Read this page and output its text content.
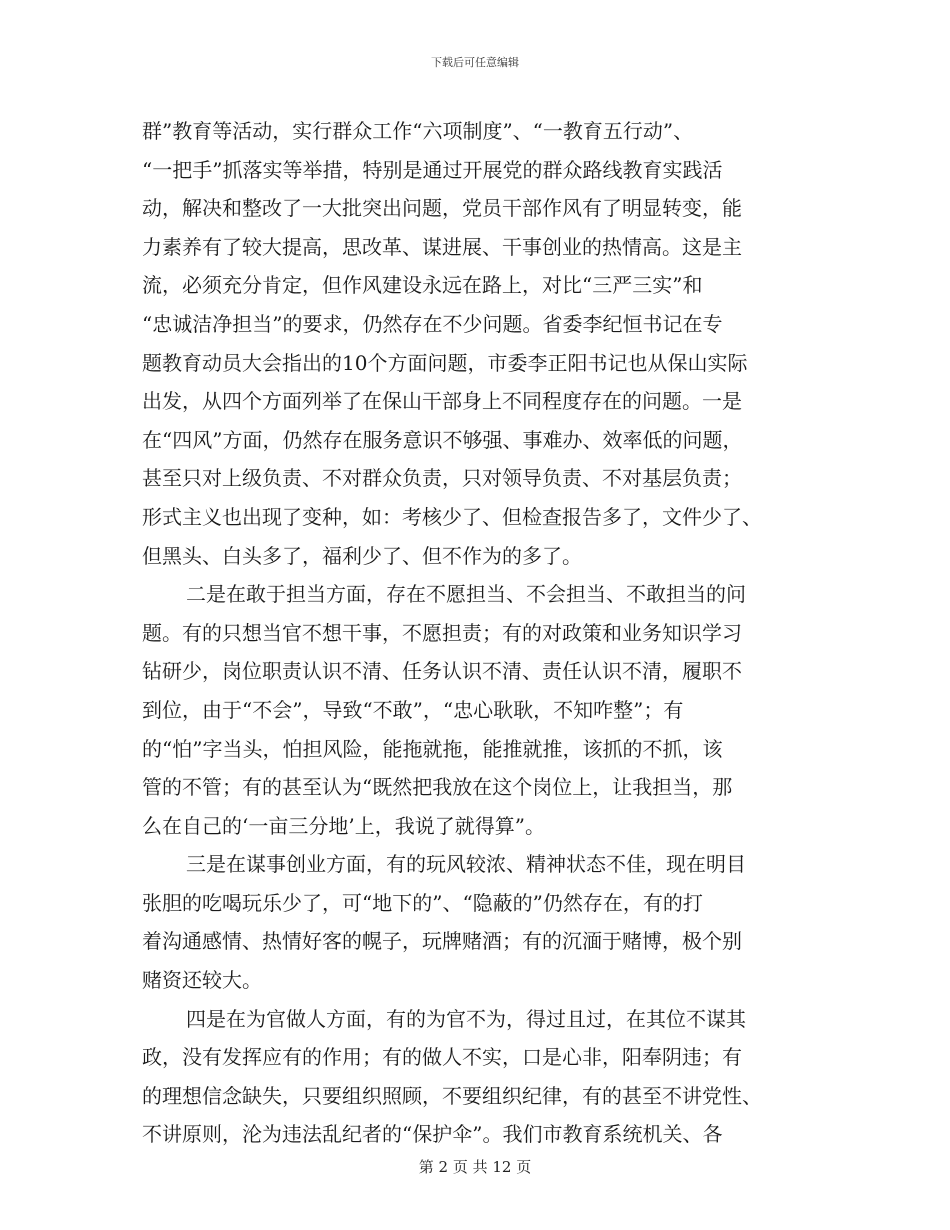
下载后可任意编辑
群”教育等活动，实行群众工作“六项制度”、“一教育五行动”、
“一把手”抓落实等举措，特别是通过开展党的群众路线教育实践活
动，解决和整改了一大批突出问题，党员干部作风有了明显转变，能
力素养有了较大提高，思改革、谋进展、干事创业的热情高。这是主
流，必须充分肯定，但作风建设永远在路上，对比“三严三实”和
“忠诚洁净担当”的要求，仍然存在不少问题。省委李纪恒书记在专
题教育动员大会指出的10个方面问题，市委李正阳书记也从保山实际
出发，从四个方面列举了在保山干部身上不同程度存在的问题。一是
在“四风”方面，仍然存在服务意识不够强、事难办、效率低的问题，
甚至只对上级负责、不对群众负责，只对领导负责、不对基层负责；
形式主义也出现了变种，如：考核少了、但检查报告多了，文件少了、
但黑头、白头多了，福利少了、但不作为的多了。
二是在敢于担当方面，存在不愿担当、不会担当、不敢担当的问
题。有的只想当官不想干事，不愿担责；有的对政策和业务知识学习
钻研少，岗位职责认识不清、任务认识不清、责任认识不清，履职不
到位，由于“不会”，导致“不敢”，“忠心耿耿，不知咋整”；有
的“怕”字当头，怕担风险，能拖就拖，能推就推，该抓的不抓，该
管的不管；有的甚至认为“既然把我放在这个岗位上，让我担当，那
么在自己的‘一亩三分地’上，我说了就得算”。
三是在谋事创业方面，有的玩风较浓、精神状态不佳，现在明目
张胆的吃喝玩乐少了，可“地下的”、“隐蔽的”仍然存在，有的打
着沟通感情、热情好客的幌子，玩牌赌酒；有的沉湎于赌博，极个别
赌资还较大。
四是在为官做人方面，有的为官不为，得过且过，在其位不谋其
政，没有发挥应有的作用；有的做人不实，口是心非，阳奉阴违；有
的理想信念缺失，只要组织照顾，不要组织纪律，有的甚至不讲党性、
不讲原则，沦为违法乱纪者的“保护伞”。我们市教育系统机关、各
第 2 页 共 12 页
